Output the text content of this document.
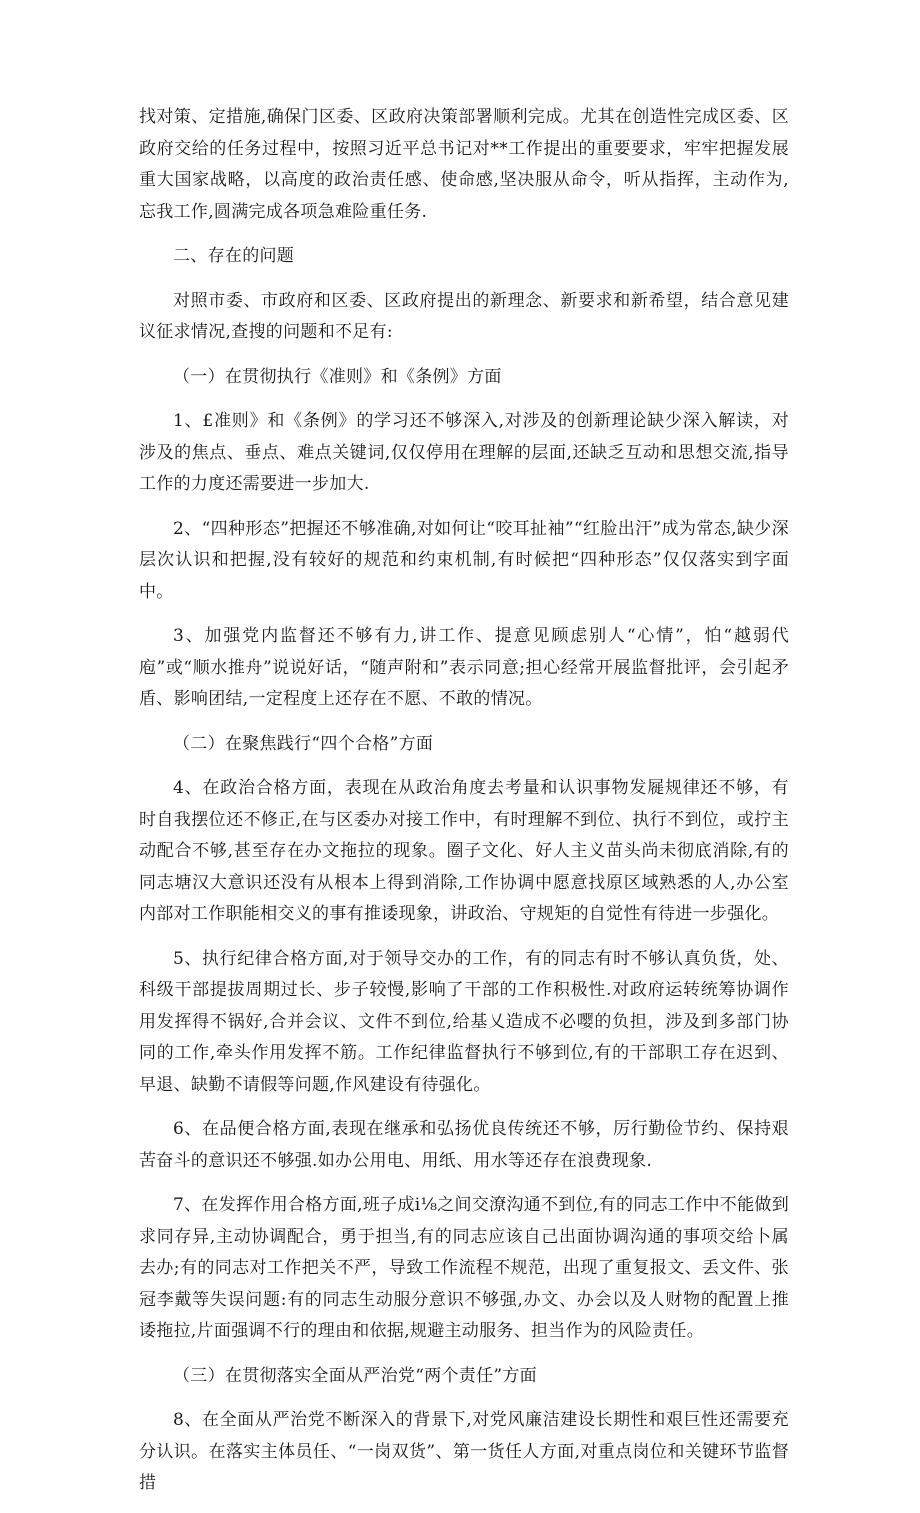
找对策、定措施,确保门区委、区政府决策部署顺利完成。尤其在创造性完成区委、区政府交给的任务过程中，按照习近平总书记对**工作提出的重要要求，牢牢把握发展重大国家战略，以高度的政治责任感、使命感,坚决服从命令，听从指挥，主动作为,忘我工作,圆满完成各项急难险重任务.

二、存在的问题

对照市委、市政府和区委、区政府提出的新理念、新要求和新希望，结合意见建议征求情况,查搜的问题和不足有:

（一）在贯彻执行《准则》和《条例》方面

1、£准则》和《条例》的学习还不够深入,对涉及的创新理论缺少深入解读，对涉及的焦点、垂点、难点关键词,仅仅停用在理解的层面,还缺乏互动和思想交流,指导工作的力度还需要进一步加大.

2、“四种形态”把握还不够准确,对如何让“咬耳扯袖”“红脸出汗”成为常态,缺少深层次认识和把握,没有较好的规范和约束机制,有时候把“四种形态”仅仅落实到字面中。

3、加强党内监督还不够有力,讲工作、提意见顾虑别人“心情”，怕“越弱代庖”或“顺水推舟”说说好话，“随声附和”表示同意;担心经常开展监督批评，会引起矛盾、影响团结,一定程度上还存在不愿、不敢的情况。

（二）在聚焦践行“四个合格”方面

4、在政治合格方面，表现在从政治角度去考量和认识事物发屣规律还不够，有时自我摆位还不修正,在与区委办对接工作中，有时理解不到位、执行不到位，或拧主动配合不够,甚至存在办文拖拉的现象。圈子文化、好人主义苗头尚未彻底消除,有的同志塘汉大意识还没有从根本上得到消除,工作协调中愿意找原区域熟悉的人,办公室内部对工作职能相交义的事有推诿现象，讲政治、守规矩的自觉性有待进一步强化。

5、执行纪律合格方面,对于领导交办的工作，有的同志有时不够认真负货，处、科级干部提拔周期过长、步子较慢,影响了干部的工作积极性.对政府运转统筹协调作用发挥得不锅好,合并会议、文件不到位,给基乂造成不必嘤的负担，涉及到多部门协同的工作,牵头作用发挥不筋。工作纪律监督执行不够到位,有的干部职工存在迟到、早退、缺勤不请假等问题,作风建设有待强化。

6、在品便合格方面,表现在继承和弘扬优良传统还不够，厉行勤俭节约、保持艰苦奋斗的意识还不够强.如办公用电、用纸、用水等还存在浪费现象.

7、在发挥作用合格方面,班子成i⅛之间交潦沟通不到位,有的同志工作中不能做到求同存异,主动协调配合，勇于担当,有的同志应该自己出面协调沟通的事项交给卜属去办;有的同志对工作把关不严，导致工作流程不规范，出现了重复报文、丢文件、张冠李戴等失误问题:有的同志生动服分意识不够强,办文、办会以及人财物的配置上推诿拖拉,片面强调不行的理由和依据,规避主动服务、担当作为的风险责任。

（三）在贯彻落实全面从严治党“两个责任”方面

8、在全面从严治党不断深入的背景下,对党风廉洁建设长期性和艰巨性还需要充分认识。在落实主体员任、“一岗双货”、第一货任人方面,对重点岗位和关键环节监督措
